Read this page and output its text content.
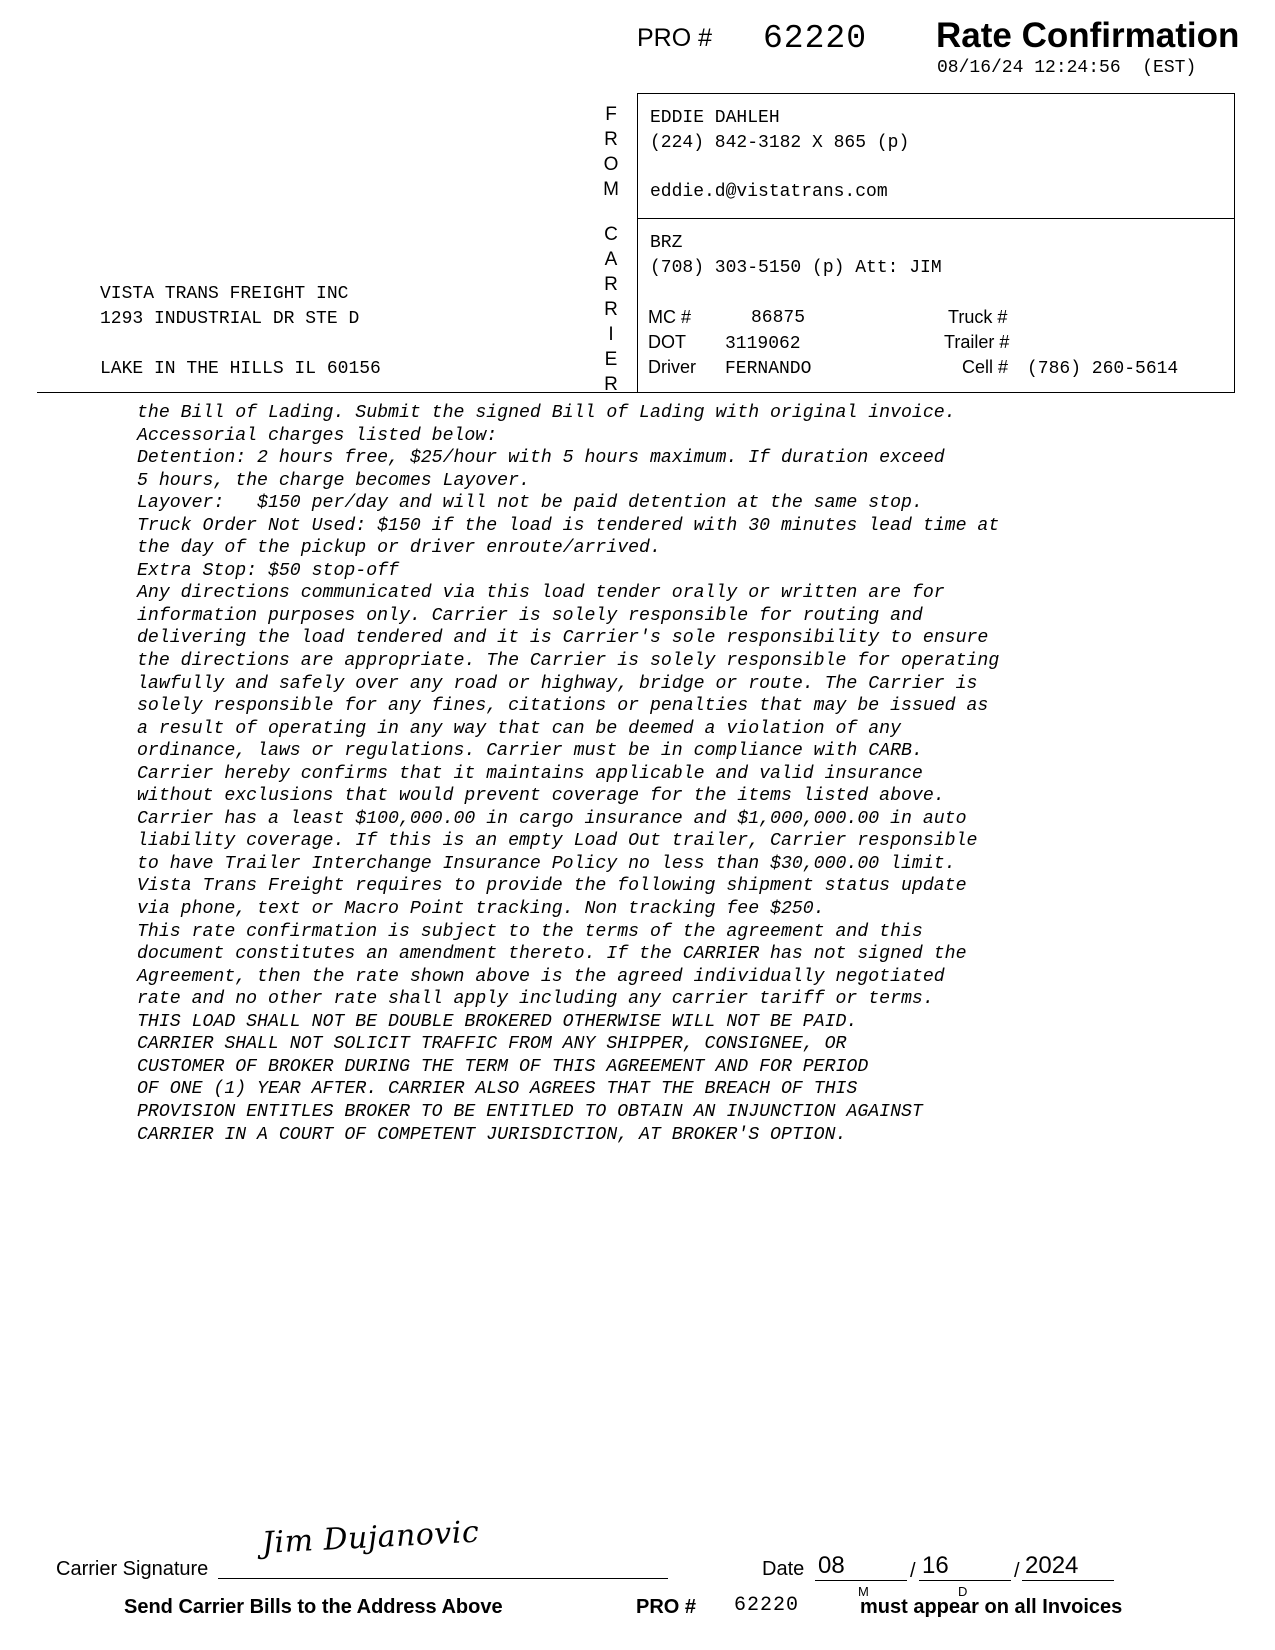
PRO # 62220 Rate Confirmation
08/16/24 12:24:56  (EST)
F
R
O
M
C
A
R
R
I
E
R
EDDIE DAHLEH
(224) 842-3182 X 865 (p)
eddie.d@vistatrans.com
BRZ
(708) 303-5150 (p) Att: JIM
MC #	86875	Truck #
DOT 3119062	Trailer #
Driver FERNANDO	Cell # (786) 260-5614
VISTA TRANS FREIGHT INC
1293 INDUSTRIAL DR STE D
LAKE IN THE HILLS IL 60156
the Bill of Lading. Submit the signed Bill of Lading with original invoice.
Accessorial charges listed below:
Detention: 2 hours free, $25/hour with 5 hours maximum. If duration exceed
5 hours, the charge becomes Layover.
Layover:   $150 per/day and will not be paid detention at the same stop.
Truck Order Not Used: $150 if the load is tendered with 30 minutes lead time at
the day of the pickup or driver enroute/arrived.
Extra Stop: $50 stop-off
Any directions communicated via this load tender orally or written are for
information purposes only. Carrier is solely responsible for routing and
delivering the load tendered and it is Carrier's sole responsibility to ensure
the directions are appropriate. The Carrier is solely responsible for operating
lawfully and safely over any road or highway, bridge or route. The Carrier is
solely responsible for any fines, citations or penalties that may be issued as
a result of operating in any way that can be deemed a violation of any
ordinance, laws or regulations. Carrier must be in compliance with CARB.
Carrier hereby confirms that it maintains applicable and valid insurance
without exclusions that would prevent coverage for the items listed above.
Carrier has a least $100,000.00 in cargo insurance and $1,000,000.00 in auto
liability coverage. If this is an empty Load Out trailer, Carrier responsible
to have Trailer Interchange Insurance Policy no less than $30,000.00 limit.
Vista Trans Freight requires to provide the following shipment status update
via phone, text or Macro Point tracking. Non tracking fee $250.
This rate confirmation is subject to the terms of the agreement and this
document constitutes an amendment thereto. If the CARRIER has not signed the
Agreement, then the rate shown above is the agreed individually negotiated
rate and no other rate shall apply including any carrier tariff or terms.
THIS LOAD SHALL NOT BE DOUBLE BROKERED OTHERWISE WILL NOT BE PAID.
CARRIER SHALL NOT SOLICIT TRAFFIC FROM ANY SHIPPER, CONSIGNEE, OR
CUSTOMER OF BROKER DURING THE TERM OF THIS AGREEMENT AND FOR PERIOD
OF ONE (1) YEAR AFTER. CARRIER ALSO AGREES THAT THE BREACH OF THIS
PROVISION ENTITLES BROKER TO BE ENTITLED TO OBTAIN AN INJUNCTION AGAINST
CARRIER IN A COURT OF COMPETENT JURISDICTION, AT BROKER'S OPTION.
Carrier Signature
Jim Dujanovic
Date 08
M
/ 16
D
/ 2024
Send Carrier Bills to the Address Above	PRO # 62220	must appear on all Invoices
